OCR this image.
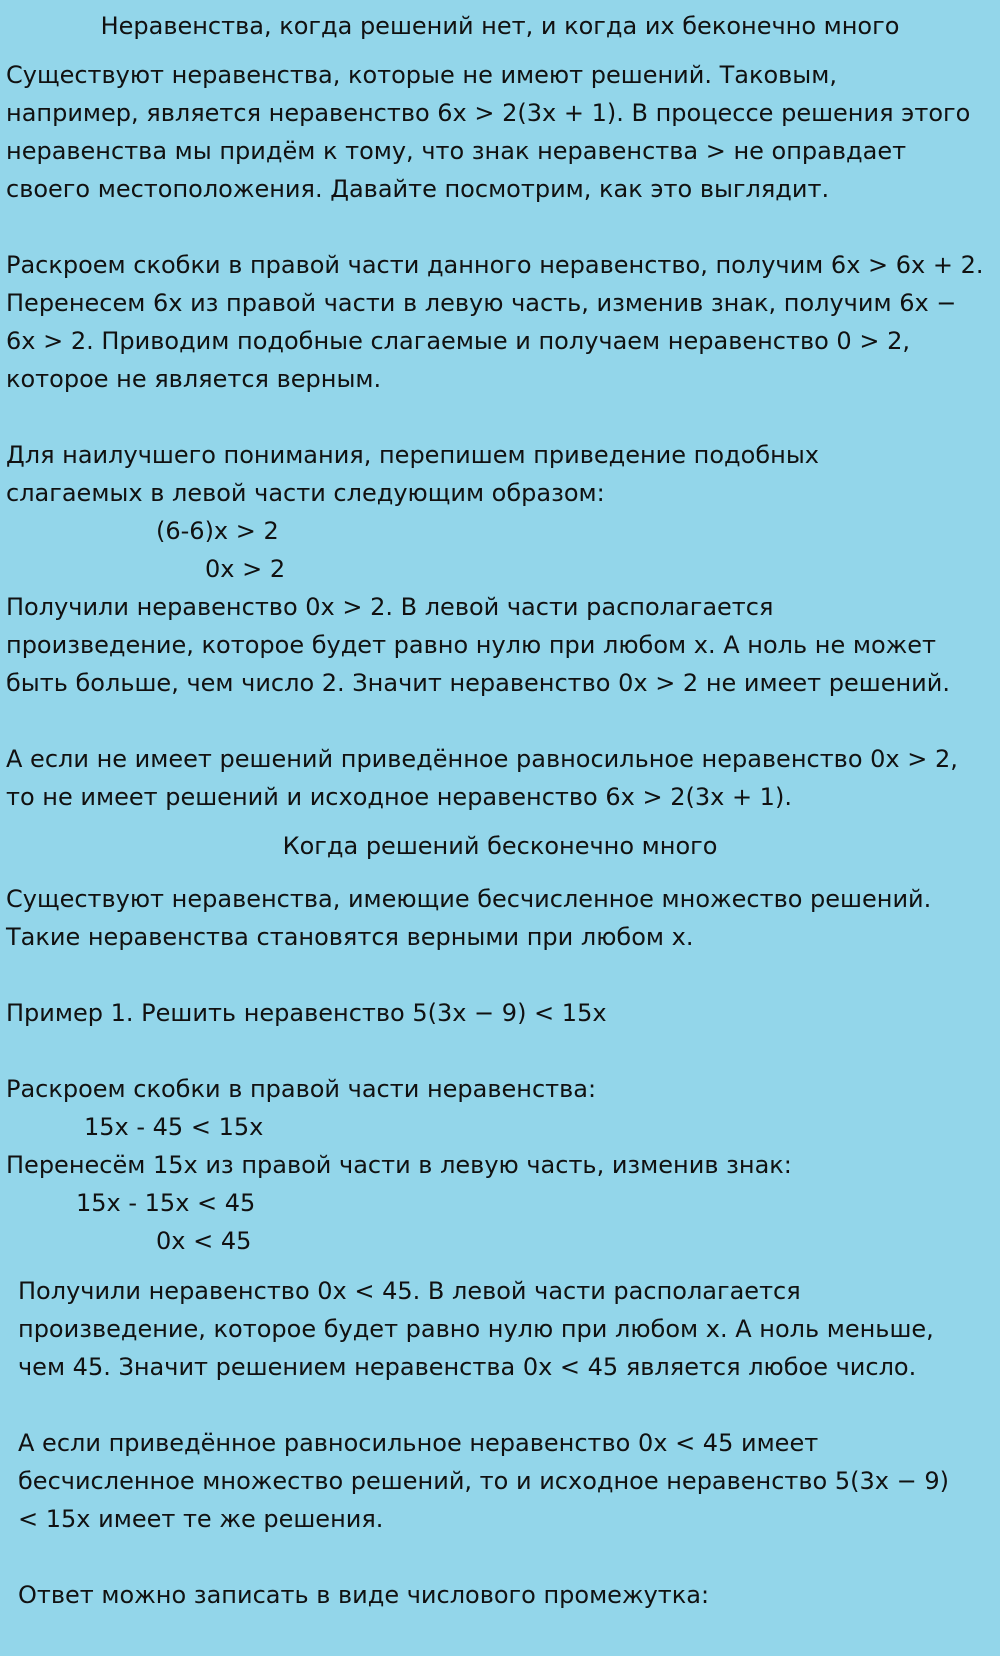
Неравенства, когда решений нет, и когда их беконечно много
Существуют неравенства, которые не имеют решений. Таковым,
например, является неравенство 6x > 2(3x + 1). В процессе решения этого
неравенства мы придём к тому, что знак неравенства > не оправдает
своего местоположения. Давайте посмотрим, как это выглядит.
Раскроем скобки в правой части данного неравенство, получим 6x > 6x + 2.
Перенесем 6x из правой части в левую часть, изменив знак, получим 6x −
6x > 2. Приводим подобные слагаемые и получаем неравенство 0 > 2,
которое не является верным.
Для наилучшего понимания, перепишем приведение подобных
слагаемых в левой части следующим образом:
(6-6)x > 2
0x > 2
Получили неравенство 0x > 2. В левой части располагается
произведение, которое будет равно нулю при любом x. А ноль не может
быть больше, чем число 2. Значит неравенство 0x > 2 не имеет решений.
А если не имеет решений приведённое равносильное неравенство 0x > 2,
то не имеет решений и исходное неравенство 6x > 2(3x + 1).
Когда решений бесконечно много
Существуют неравенства, имеющие бесчисленное множество решений.
Такие неравенства становятся верными при любом x.
Пример 1. Решить неравенство 5(3x − 9) < 15x
Раскроем скобки в правой части неравенства:
15x - 45 < 15x
Перенесём 15x из правой части в левую часть, изменив знак:
15x - 15x < 45
0x < 45
Получили неравенство 0x < 45. В левой части располагается
произведение, которое будет равно нулю при любом x. А ноль меньше,
чем 45. Значит решением неравенства 0x < 45 является любое число.
А если приведённое равносильное неравенство 0x < 45 имеет
бесчисленное множество решений, то и исходное неравенство 5(3x − 9)
< 15x имеет те же решения.
Ответ можно записать в виде числового промежутка:
